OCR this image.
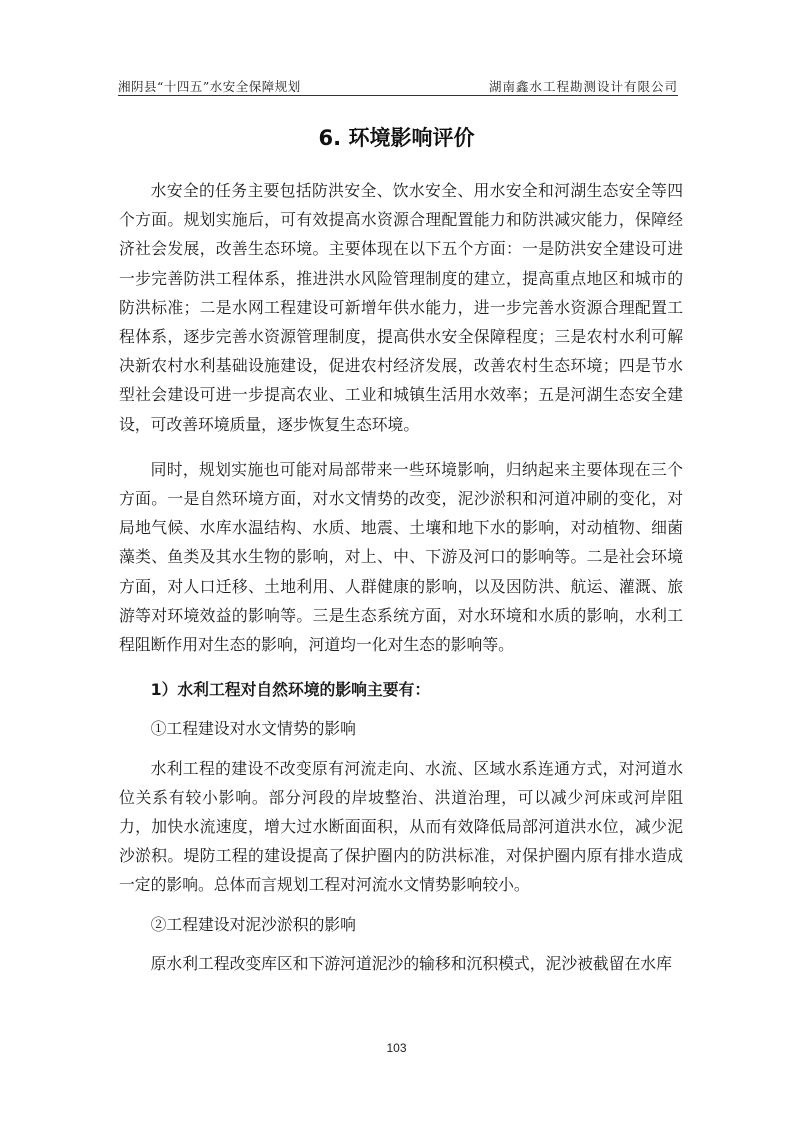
湘阴县“十四五”水安全保障规划	湖南鑫水工程勘测设计有限公司
6. 环境影响评价

水安全的任务主要包括防洪安全、饮水安全、用水安全和河湖生态安全等四个方面。规划实施后，可有效提高水资源合理配置能力和防洪减灾能力，保障经济社会发展，改善生态环境。主要体现在以下五个方面：一是防洪安全建设可进一步完善防洪工程体系，推进洪水风险管理制度的建立，提高重点地区和城市的防洪标准；二是水网工程建设可新增年供水能力，进一步完善水资源合理配置工程体系，逐步完善水资源管理制度，提高供水安全保障程度；三是农村水利可解决新农村水利基础设施建设，促进农村经济发展，改善农村生态环境；四是节水型社会建设可进一步提高农业、工业和城镇生活用水效率；五是河湖生态安全建设，可改善环境质量，逐步恢复生态环境。

同时，规划实施也可能对局部带来一些环境影响，归纳起来主要体现在三个方面。一是自然环境方面，对水文情势的改变，泥沙淤积和河道冲刷的变化，对局地气候、水库水温结构、水质、地震、土壤和地下水的影响，对动植物、细菌藻类、鱼类及其水生物的影响，对上、中、下游及河口的影响等。二是社会环境方面，对人口迁移、土地利用、人群健康的影响，以及因防洪、航运、灌溉、旅游等对环境效益的影响等。三是生态系统方面，对水环境和水质的影响，水利工程阻断作用对生态的影响，河道均一化对生态的影响等。

1）水利工程对自然环境的影响主要有：

①工程建设对水文情势的影响

水利工程的建设不改变原有河流走向、水流、区域水系连通方式，对河道水位关系有较小影响。部分河段的岸坡整治、洪道治理，可以减少河床或河岸阻力，加快水流速度，增大过水断面面积，从而有效降低局部河道洪水位，减少泥沙淤积。堤防工程的建设提高了保护圈内的防洪标准，对保护圈内原有排水造成一定的影响。总体而言规划工程对河流水文情势影响较小。

②工程建设对泥沙淤积的影响

原水利工程改变库区和下游河道泥沙的输移和沉积模式，泥沙被截留在水库

103
